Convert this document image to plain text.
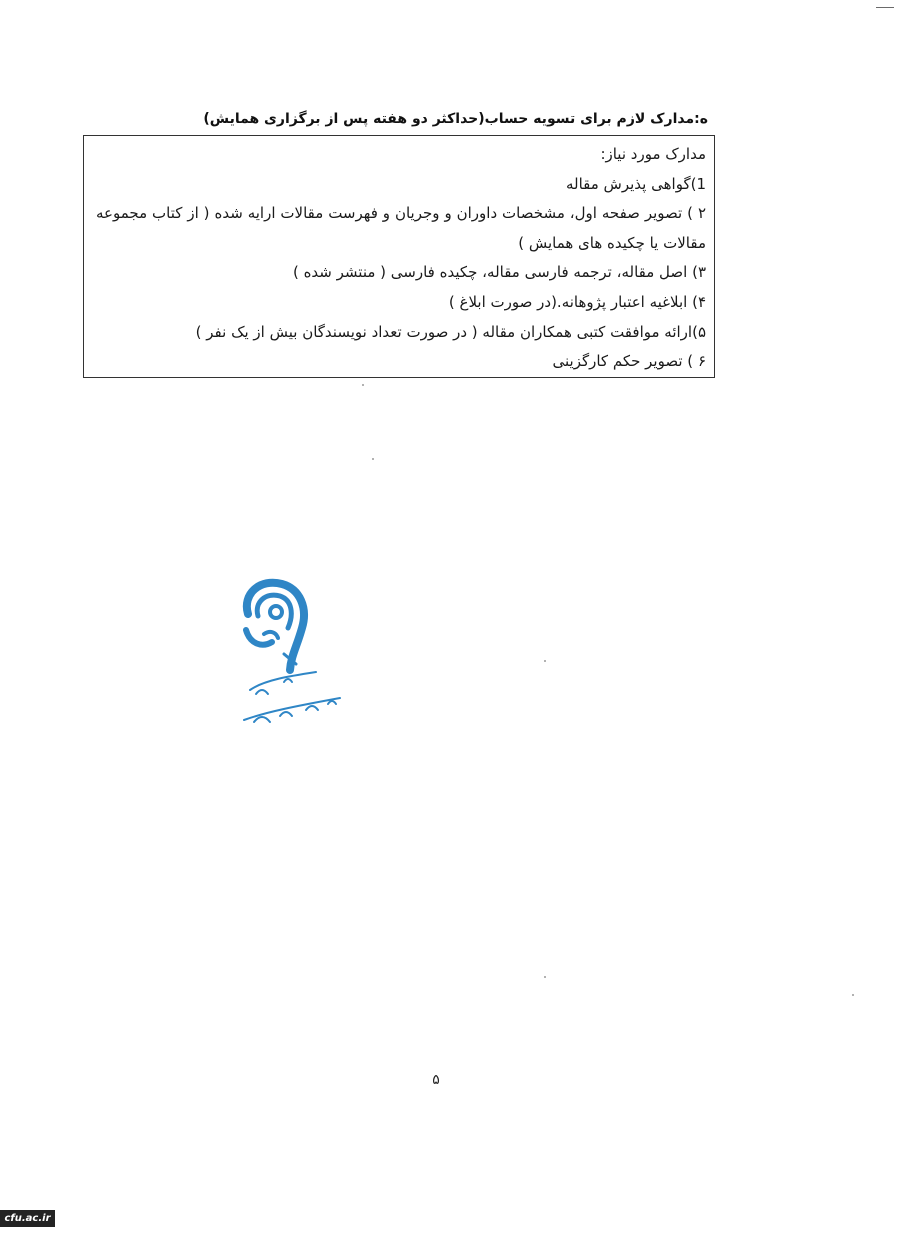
ه:مدارک لازم برای تسویه حساب(حداکثر دو هفته پس از برگزاری همایش)
مدارک مورد نیاز:
1)گواهی پذیرش مقاله
۲ ) تصویر صفحه اول، مشخصات داوران و وجریان و فهرست مقالات ارایه شده ( از کتاب مجموعه مقالات یا چکیده های همایش )
۳) اصل مقاله، ترجمه فارسی مقاله، چکیده فارسی ( منتشر شده )
۴) ابلاغیه اعتبار پژوهانه.(در صورت ابلاغ )
۵)ارائه موافقت کتبی همکاران مقاله ( در صورت تعداد نویسندگان بیش از یک نفر )
۶ ) تصویر حکم کارگزینی
۵
cfu.ac.ir
